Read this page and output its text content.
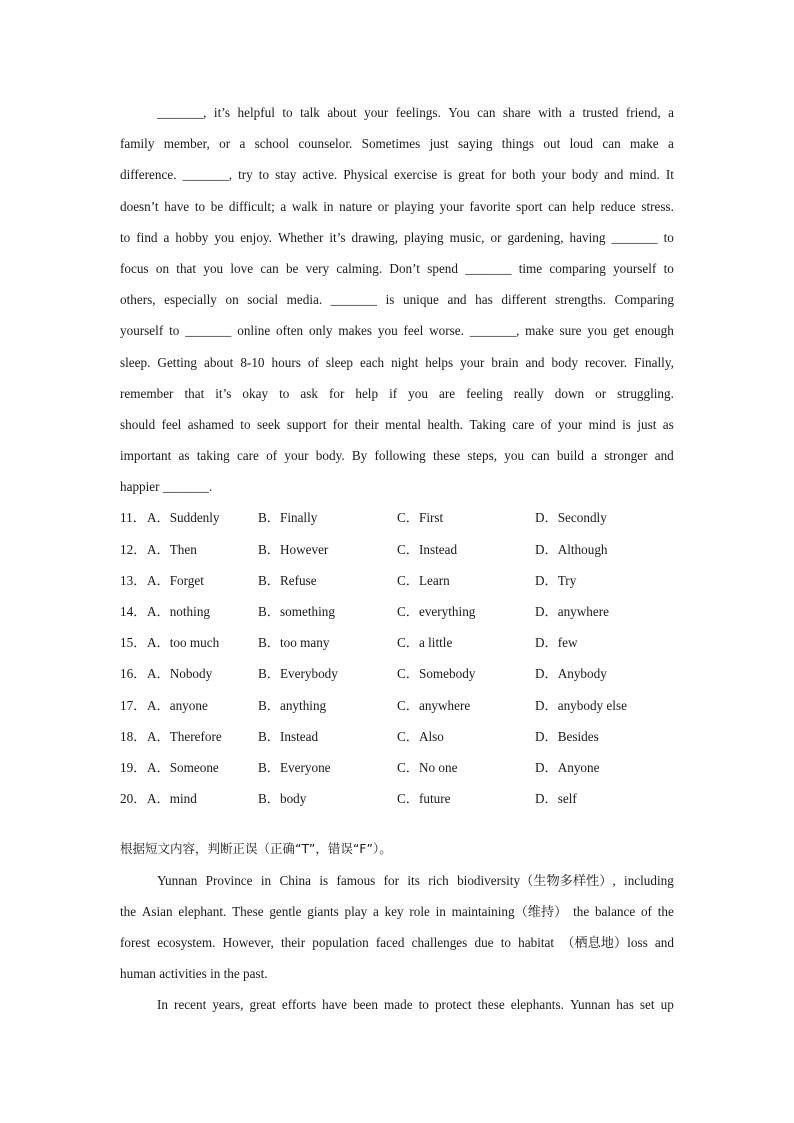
_______, it’s helpful to talk about your feelings. You can share with a trusted friend, a
family member, or a school counselor. Sometimes just saying things out loud can make a
difference. _______, try to stay active. Physical exercise is great for both your body and mind. It
doesn’t have to be difficult; a walk in nature or playing your favorite sport can help reduce stress.
to find a hobby you enjoy. Whether it’s drawing, playing music, or gardening, having _______ to
focus on that you love can be very calming. Don’t spend _______ time comparing yourself to
others, especially on social media. _______ is unique and has different strengths. Comparing
yourself to _______ online often only makes you feel worse. _______, make sure you get enough
sleep. Getting about 8-10 hours of sleep each night helps your brain and body recover. Finally,
remember that it’s okay to ask for help if you are feeling really down or struggling.
should feel ashamed to seek support for their mental health. Taking care of your mind is just as
important as taking care of your body. By following these steps, you can build a stronger and
happier _______.
11． A．Suddenly	B．Finally	C．First	D．Secondly
12． A．Then	B．However	C．Instead	D．Although
13． A．Forget	B．Refuse	C．Learn	D．Try
14． A．nothing	B．something	C．everything	D．anywhere
15． A．too much	B．too many	C．a little	D．few
16． A．Nobody	B．Everybody	C．Somebody	D．Anybody
17． A．anyone	B．anything	C．anywhere	D．anybody else
18． A．Therefore	B．Instead	C．Also	D．Besides
19． A．Someone	B．Everyone	C．No one	D．Anyone
20． A．mind	B．body	C．future	D．self
根据短文内容，判断正误（正确“T”，错误“F”）。
Yunnan Province in China is famous for its rich biodiversity（生物多样性）, including
the Asian elephant. These gentle giants play a key role in maintaining（维持） the balance of the
forest ecosystem. However, their population faced challenges due to habitat （栖息地）loss and
human activities in the past.
In recent years, great efforts have been made to protect these elephants. Yunnan has set up
